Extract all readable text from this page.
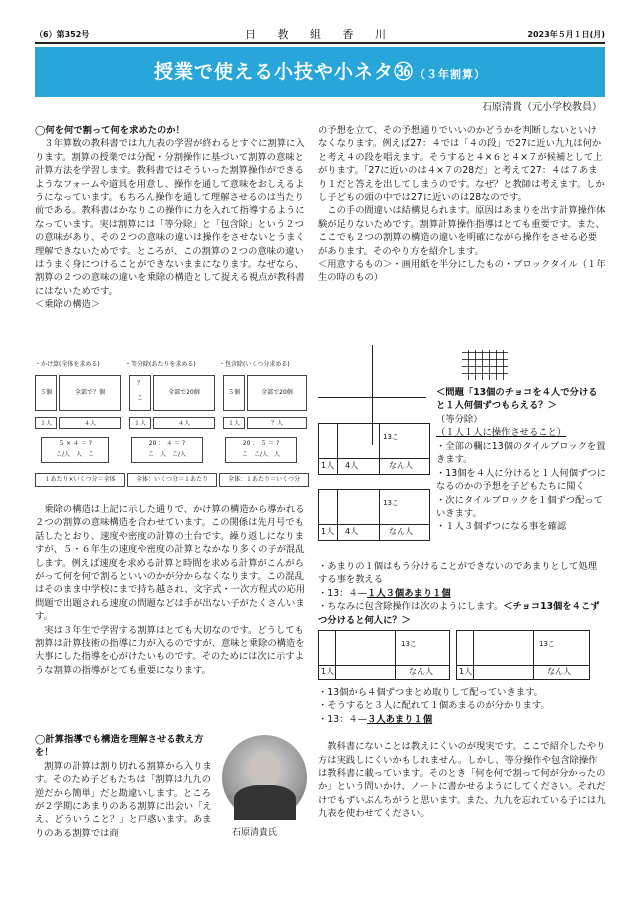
（6）第352号	日 教 組 香 川	2023年５月１日(月)
授業で使える小技や小ネタ㊱（３年割算）
石原清貴（元小学校教員）

◯何を何で割って何を求めたのか！

３年算数の教科書では九九表の学習が終わるとすぐに割算に入ります。割算の授業では分配・分割操作に基づいて割算の意味と計算方法を学習します。教科書ではそういった割算操作ができるようなフォームや道具を用意し、操作を通して意味をおしえるようになっています。もちろん操作を通して理解させるのは当たり前である。教科書はかなりこの操作に力を入れて指導するようになっています。実は割算には「等分除」と「包含除」という２つの意味があり、その２つの意味の違いは操作をさせないとうまく理解できないためです。ところが、この割算の２つの意味の違いはうまく身につけることができないままになります。なぜなら、割算の２つの意味の違いを乗除の構造として捉える視点が教科書にはないためです。

＜乗除の構造＞

・かけ算(全体を求める)	・等分除(あたりを求める)	・包含除(いくつ分求める)
５個	全部で？個
１人	４人
５ × ４ ＝ ?
こ/人　人　こ
１あたり×いくつ分＝全体
？
こ
全部で20個
１人	４人
20 ： ４ ＝ ?
こ　人　こ/人
全体：いくつ分＝１あたり
５個	全部で20個
１人	？人
20 ： ５ ＝ ?
こ　こ/人　人
全体：１あたり＝いくつ分

乗除の構造は上記に示した通りで、かけ算の構造から導かれる２つの割算の意味構造を合わせています。この関係は先月号でも話したとおり、速度や密度の計算の土台です。繰り返しになりますが、５・６年生の速度や密度の計算となかなり多くの子が混乱します。例えば速度を求める計算と時間を求める計算がこんがらがって何を何で割るといいのかが分からなくなります。この混乱はそのまま中学校にまで持ち越され、文字式・一次方程式の応用問題で出題される速度の問題などは手が出ない子がたくさんいます。

実は３年生で学習する割算はとても大切なのです。どうしても割算は計算技術の指導に力が入るのですが、意味と乗除の構造を大事にした指導を心がけたいものです。そのためには次に示すような割算の指導がとても重要になります。

◯計算指導でも構造を理解させる教え方を！

割算の計算は割り切れる割算から入ります。そのため子どもたちは「割算は九九の逆だから簡単」だと勘違いします。ところが２学期にあまりのある割算に出会い「ええ、どういうこと？」と戸惑います。あまりのある割算では商	石原清貴氏

の予想を立て、その予想通りでいいのかどうかを判断しないといけなくなります。例えば27：４では「４の段」で27に近い九九は何かと考え４の段を唱えます。そうすると４×６と４×７が候補として上がります。「27に近いのは４×７の28だ」と考えて27：４は７あまり１だと答えを出してしまうのです。なぜ？と教師は考えます。しかし子どもの頭の中では27に近いのは28なのです。

この手の間違いは結構見られます。原因はあまりを出す計算操作体験が足りないためです。割算計算操作指導はとても重要です。また、ここでも２つの割算の構造の違いを明確にながら操作をさせる必要があります。そのやり方を紹介します。

＜用意するもの＞・画用紙を半分にしたもの・ブロックタイル（１年生の時のもの）

＜問題「13個のチョコを４人で分けると１人何個ずつもらえる？＞

（等分除）（１人１人に操作させること）

13こ
1人 4人	なん人
13こ
1人 4人	なん人

・全部の欄に13個のタイルブロックを置きます。

・13個を４人に分けると１人何個ずつになるのかの予想を子どもたちに聞く

・次にタイルブロックを１個ずつ配っていきます。

・１人３個ずつになる事を確認

・あまりの１個はもう分けることができないのであまりとして処理する事を教える

・13：４—１人３個あまり１個

・ちなみに包含除操作は次のようにします。＜チョコ13個を４こずつ分けると何人に？＞

13こ
1人	なん人
13こ
1人	なん人

・13個から４個ずつまとめ取りして配っていきます。

・そうすると３人に配れて１個あまるのが分かります。

・13：４—３人あまり１個

教科書にないことは教えにくいのが現実です。ここで紹介したやり方は実践しにくいかもしれません。しかし、等分操作や包含除操作は教科書に載っています。そのとき「何を何で割って何が分かったのか」という問いかけ、ノートに書かせるようにしてください。それだけでもずいぶんちがうと思います。また、九九を忘れている子には九九表を使わせてください。
